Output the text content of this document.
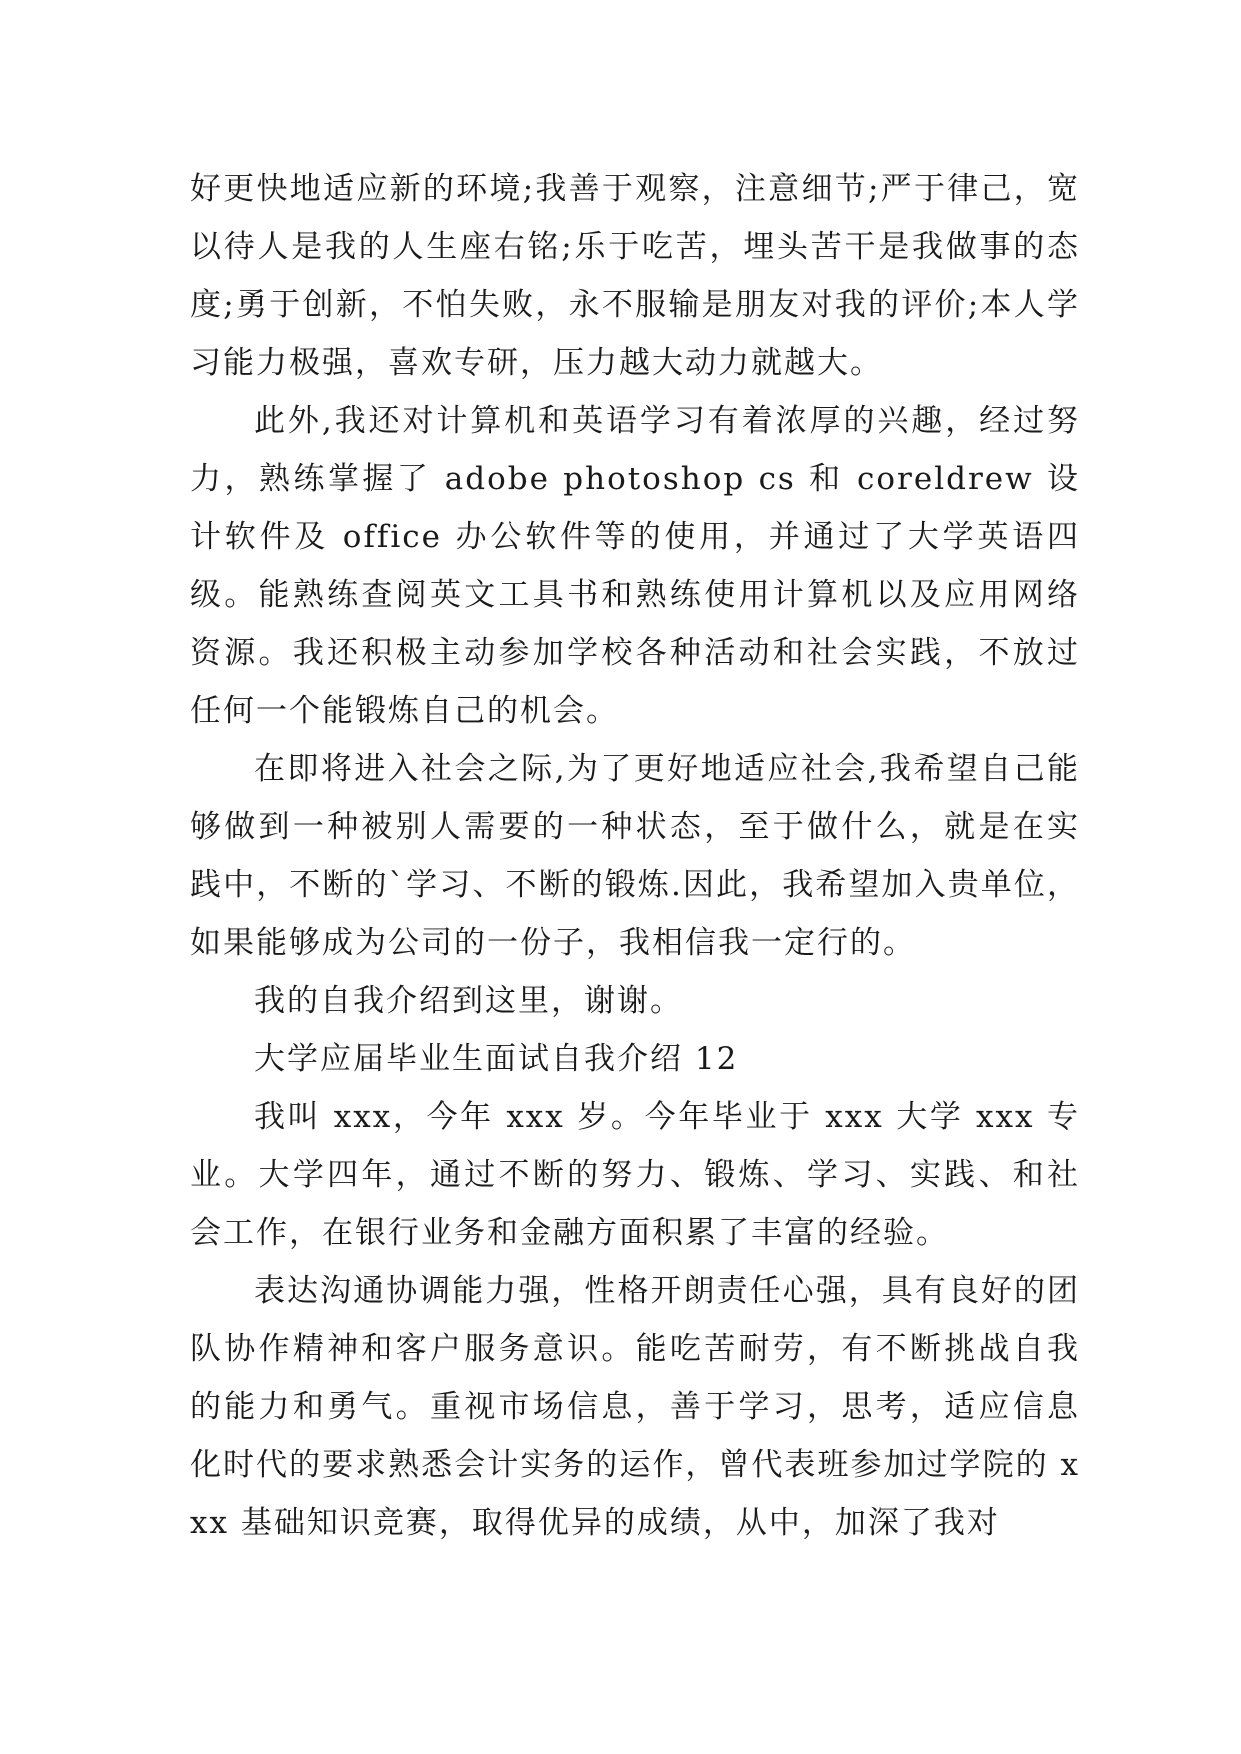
好更快地适应新的环境;我善于观察，注意细节;严于律己，宽以待人是我的人生座右铭;乐于吃苦，埋头苦干是我做事的态度;勇于创新，不怕失败，永不服输是朋友对我的评价;本人学习能力极强，喜欢专研，压力越大动力就越大。

此外,我还对计算机和英语学习有着浓厚的兴趣，经过努力，熟练掌握了 adobe photoshop cs 和 coreldrew 设计软件及 office 办公软件等的使用，并通过了大学英语四级。能熟练查阅英文工具书和熟练使用计算机以及应用网络资源。我还积极主动参加学校各种活动和社会实践，不放过任何一个能锻炼自己的机会。

在即将进入社会之际,为了更好地适应社会,我希望自己能够做到一种被别人需要的一种状态，至于做什么，就是在实践中，不断的`学习、不断的锻炼.因此，我希望加入贵单位，如果能够成为公司的一份子，我相信我一定行的。

我的自我介绍到这里，谢谢。

大学应届毕业生面试自我介绍 12

我叫 xxx，今年 xxx 岁。今年毕业于 xxx 大学 xxx 专业。大学四年，通过不断的努力、锻炼、学习、实践、和社会工作，在银行业务和金融方面积累了丰富的经验。

表达沟通协调能力强，性格开朗责任心强，具有良好的团队协作精神和客户服务意识。能吃苦耐劳，有不断挑战自我的能力和勇气。重视市场信息，善于学习，思考，适应信息化时代的要求熟悉会计实务的运作，曾代表班参加过学院的 xxx 基础知识竞赛，取得优异的成绩，从中，加深了我对
